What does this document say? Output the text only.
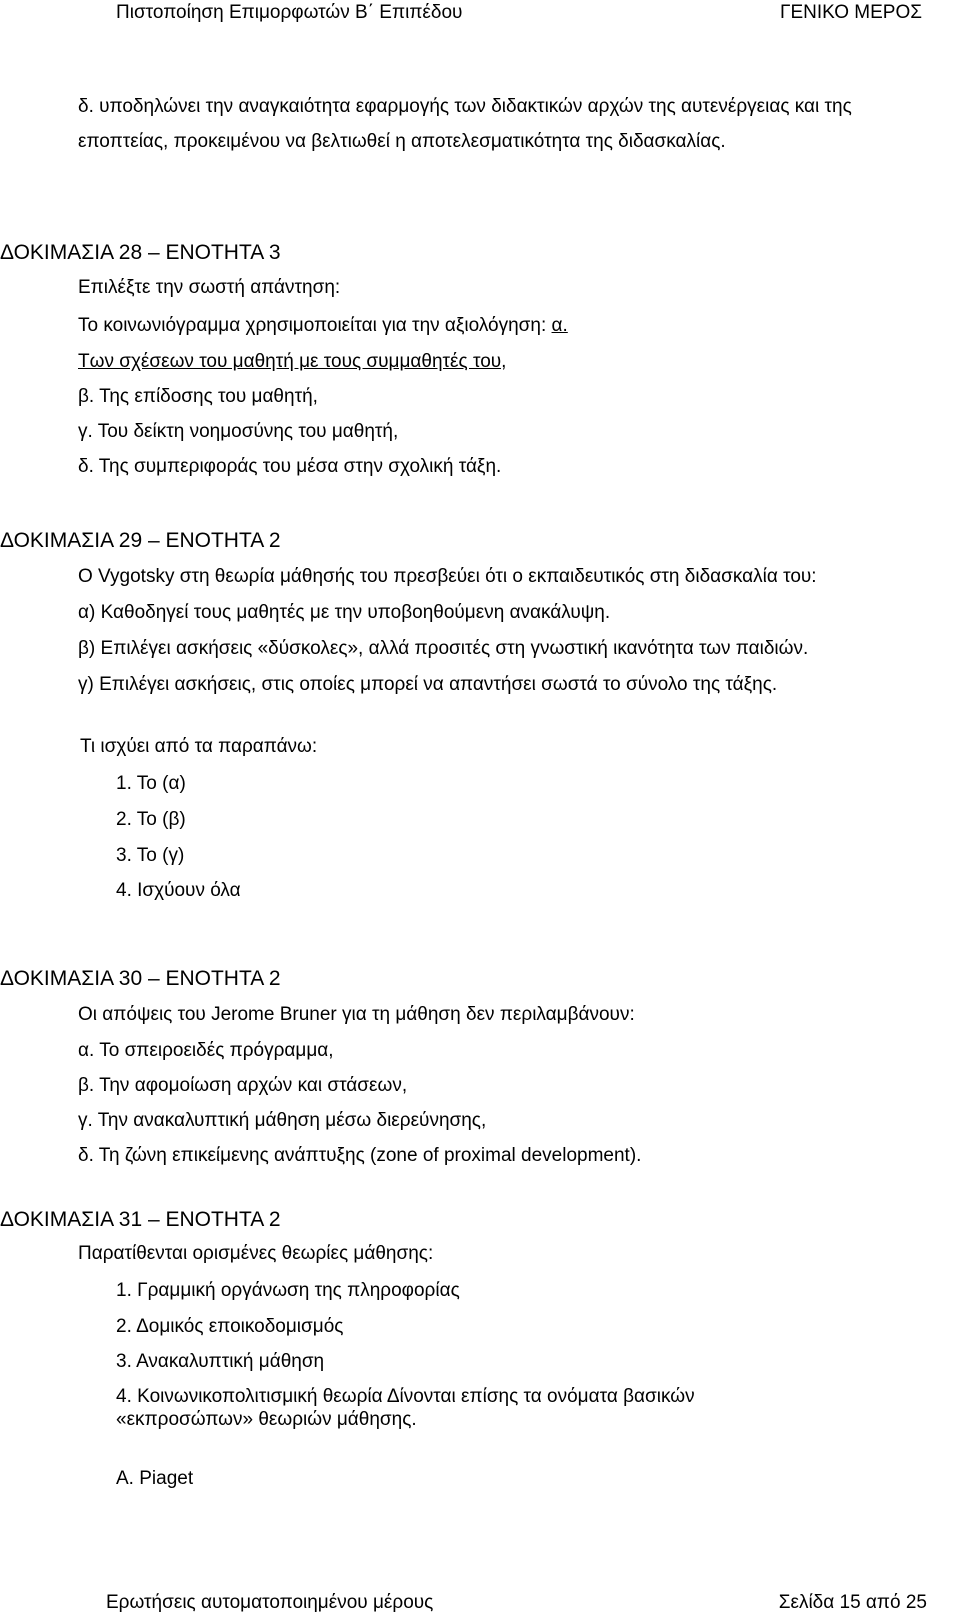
Πιστοποίηση Επιμορφωτών Β΄ Επιπέδου	ΓΕΝΙΚΟ ΜΕΡΟΣ
δ. υποδηλώνει την αναγκαιότητα εφαρμογής των διδακτικών αρχών της αυτενέργειας και της
εποπτείας, προκειμένου να βελτιωθεί η αποτελεσματικότητα της διδασκαλίας.
ΔΟΚΙΜΑΣΙΑ 28 – ΕΝΟΤΗΤΑ 3
Επιλέξτε την σωστή απάντηση:
Το κοινωνιόγραμμα χρησιμοποιείται για την αξιολόγηση: α.
Των σχέσεων του μαθητή με τους συμμαθητές του,
β. Της επίδοσης του μαθητή,
γ. Του δείκτη νοημοσύνης του μαθητή,
δ. Της συμπεριφοράς του μέσα στην σχολική τάξη.
ΔΟΚΙΜΑΣΙΑ 29 – ΕΝΟΤΗΤΑ 2
Ο Vygotsky στη θεωρία μάθησής του πρεσβεύει ότι ο εκπαιδευτικός στη διδασκαλία του:
α) Καθοδηγεί τους μαθητές με την υποβοηθούμενη ανακάλυψη.
β) Επιλέγει ασκήσεις «δύσκολες», αλλά προσιτές στη γνωστική ικανότητα των παιδιών.
γ) Επιλέγει ασκήσεις, στις οποίες μπορεί να απαντήσει σωστά το σύνολο της τάξης.
Τι ισχύει από τα παραπάνω:
1. Το (α)
2. Το (β)
3. Το (γ)
4. Ισχύουν όλα
ΔΟΚΙΜΑΣΙΑ 30 – ΕΝΟΤΗΤΑ 2
Οι απόψεις του Jerome Bruner για τη μάθηση δεν περιλαμβάνουν:
α. Το σπειροειδές πρόγραμμα,
β. Την αφομοίωση αρχών και στάσεων,
γ. Την ανακαλυπτική μάθηση μέσω διερεύνησης,
δ. Τη ζώνη επικείμενης ανάπτυξης (zone of proximal development).
ΔΟΚΙΜΑΣΙΑ 31 – ΕΝΟΤΗΤΑ 2
Παρατίθενται ορισμένες θεωρίες μάθησης:
1. Γραμμική οργάνωση της πληροφορίας
2. Δομικός εποικοδομισμός
3. Ανακαλυπτική μάθηση
4. Κοινωνικοπολιτισμική θεωρία Δίνονται επίσης τα ονόματα βασικών
«εκπροσώπων» θεωριών μάθησης.
Α. Piaget
Ερωτήσεις αυτοματοποιημένου μέρους	Σελίδα 15 από 25
